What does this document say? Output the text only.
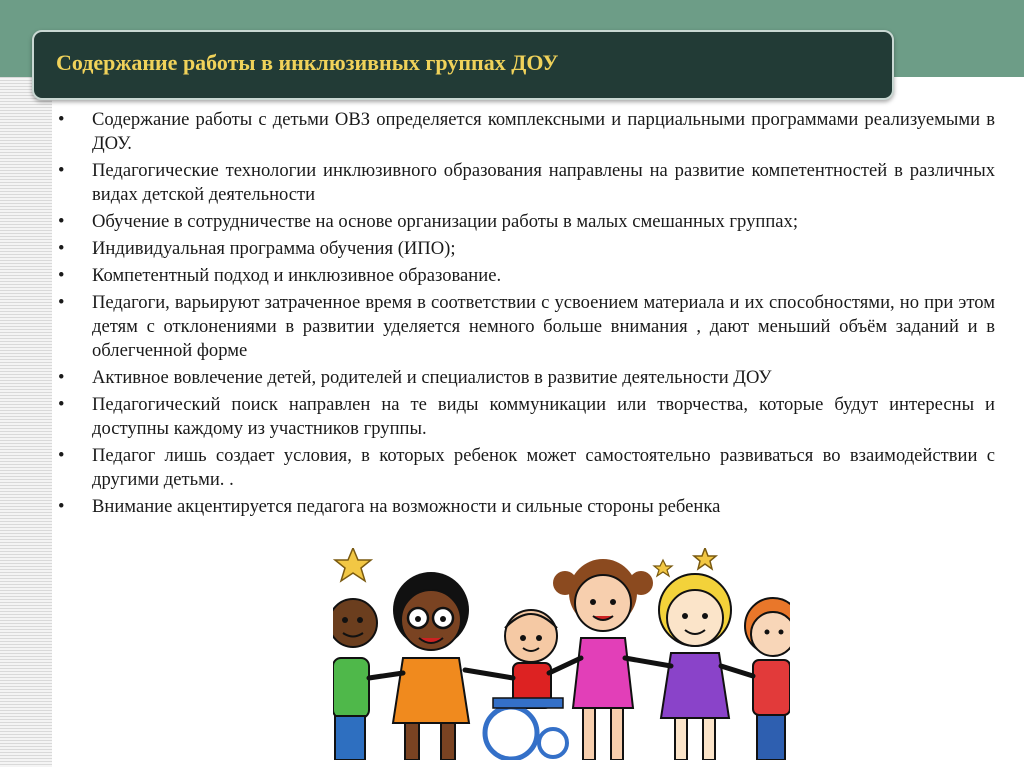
Содержание работы в инклюзивных группах ДОУ
•	Содержание работы с детьми ОВЗ определяется комплексными и парциальными программами реализуемыми в ДОУ.
•	Педагогические технологии инклюзивного образования направлены на развитие компетентностей в различных видах детской деятельности
•	Обучение в сотрудничестве на основе организации работы в малых смешанных группах;
•	Индивидуальная программа обучения (ИПО);
•	Компетентный подход и инклюзивное образование.
•	Педагоги, варьируют затраченное время в соответствии с усвоением материала и их способностями, но при этом детям с отклонениями в развитии уделяется немного больше внимания , дают меньший объём заданий и в облегченной форме
•	Активное вовлечение детей, родителей и специалистов в развитие деятельности ДОУ
•	Педагогический поиск направлен на те виды коммуникации или творчества, которые будут интересны и доступны каждому из участников группы.
•	Педагог лишь создает условия, в которых ребенок может самостоятельно развиваться во взаимодействии с другими детьми. .
•	Внимание акцентируется педагога на возможности и сильные стороны ребенка
